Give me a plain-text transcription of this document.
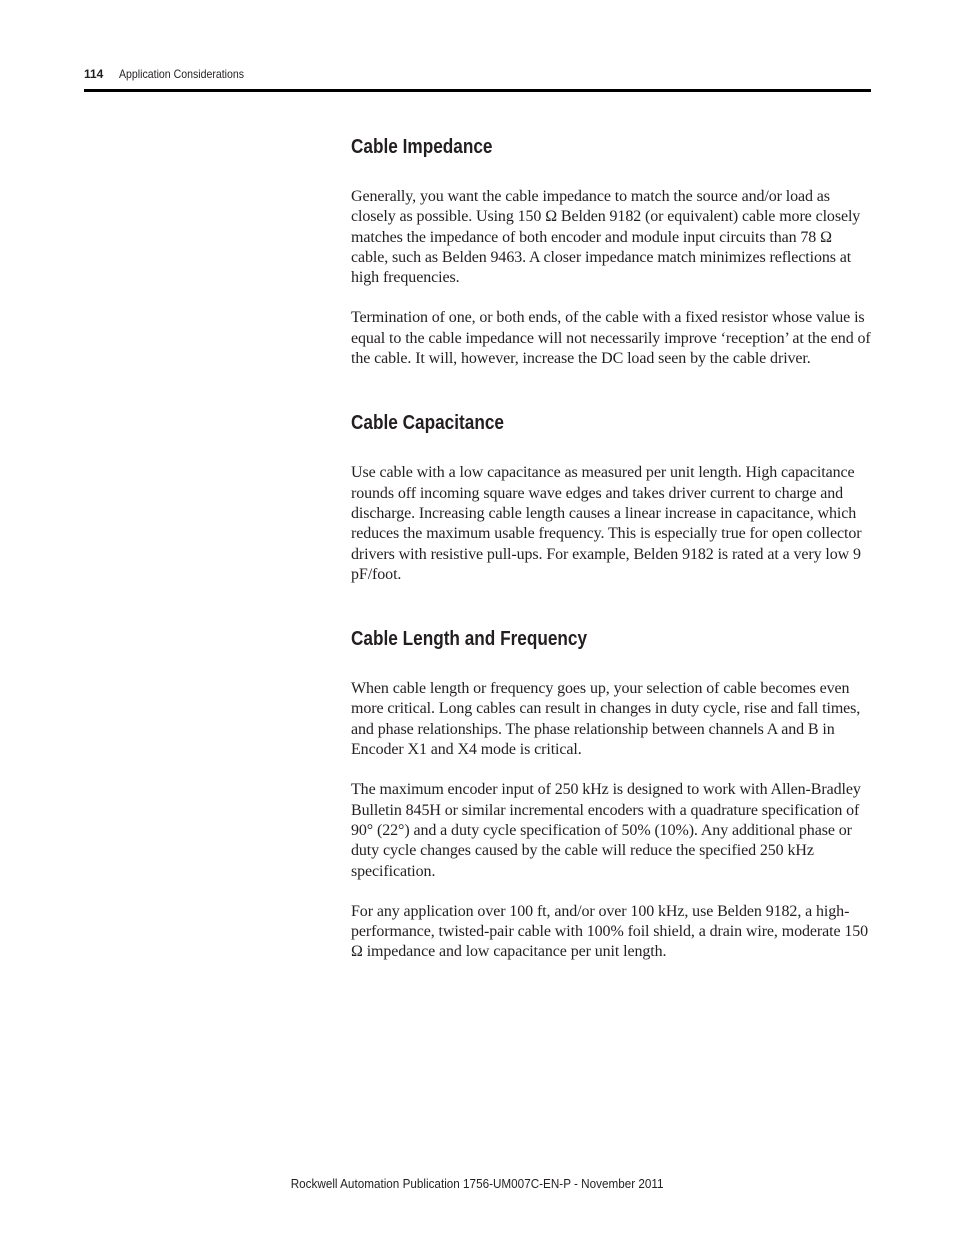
114 Application Considerations
Cable Impedance

Generally, you want the cable impedance to match the source and/or load as closely as possible. Using 150 Ω Belden 9182 (or equivalent) cable more closely matches the impedance of both encoder and module input circuits than 78 Ω cable, such as Belden 9463. A closer impedance match minimizes reflections at high frequencies.

Termination of one, or both ends, of the cable with a fixed resistor whose value is equal to the cable impedance will not necessarily improve ‘reception’ at the end of the cable. It will, however, increase the DC load seen by the cable driver.

Cable Capacitance

Use cable with a low capacitance as measured per unit length. High capacitance rounds off incoming square wave edges and takes driver current to charge and discharge. Increasing cable length causes a linear increase in capacitance, which reduces the maximum usable frequency. This is especially true for open collector drivers with resistive pull-ups. For example, Belden 9182 is rated at a very low 9 pF/foot.

Cable Length and Frequency

When cable length or frequency goes up, your selection of cable becomes even more critical. Long cables can result in changes in duty cycle, rise and fall times, and phase relationships. The phase relationship between channels A and B in Encoder X1 and X4 mode is critical.

The maximum encoder input of 250 kHz is designed to work with Allen-Bradley Bulletin 845H or similar incremental encoders with a quadrature specification of 90° (22°) and a duty cycle specification of 50% (10%). Any additional phase or duty cycle changes caused by the cable will reduce the specified 250 kHz specification.

For any application over 100 ft, and/or over 100 kHz, use Belden 9182, a high-performance, twisted-pair cable with 100% foil shield, a drain wire, moderate 150 Ω impedance and low capacitance per unit length.

Rockwell Automation Publication 1756-UM007C-EN-P - November 2011
